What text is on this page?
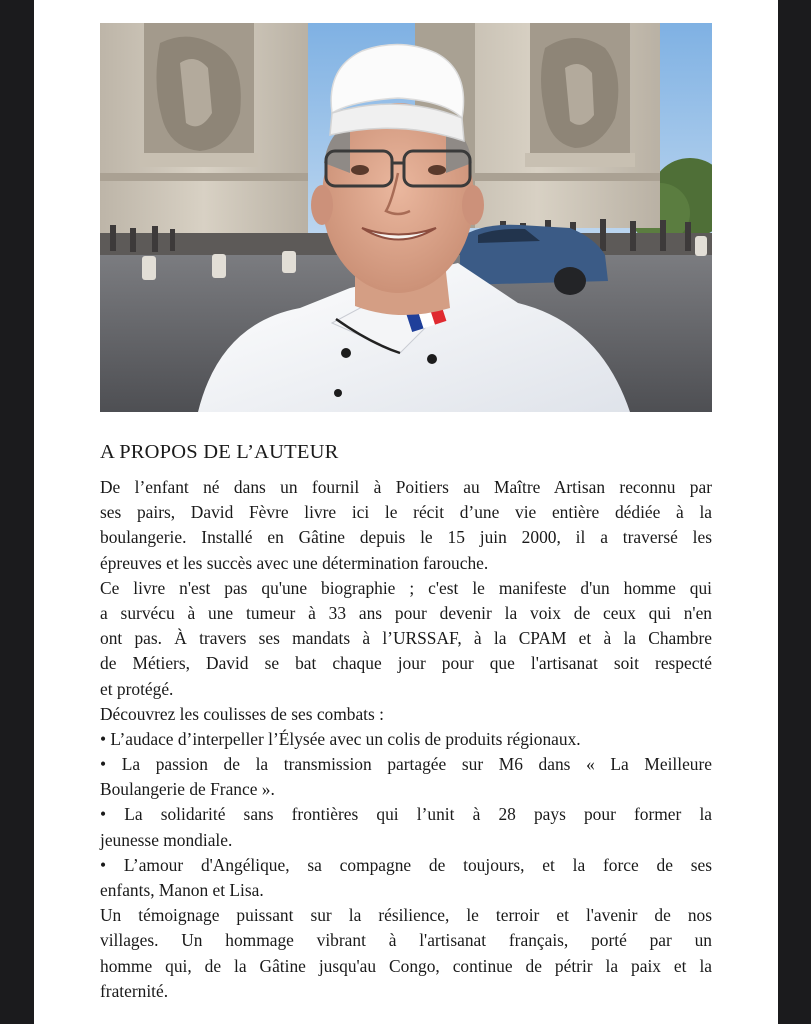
A PROPOS DE L’AUTEUR
De l’enfant né dans un fournil à Poitiers au Maître Artisan reconnu par
ses pairs, David Fèvre livre ici le récit d’une vie entière dédiée à la
boulangerie. Installé en Gâtine depuis le 15 juin 2000, il a traversé les
épreuves et les succès avec une détermination farouche.
Ce livre n'est pas qu'une biographie ; c'est le manifeste d'un homme qui
a survécu à une tumeur à 33 ans pour devenir la voix de ceux qui n'en
ont pas. À travers ses mandats à l’URSSAF, à la CPAM et à la Chambre
de Métiers, David se bat chaque jour pour que l'artisanat soit respecté
et protégé.
Découvrez les coulisses de ses combats :
• L’audace d’interpeller l’Élysée avec un colis de produits régionaux.
• La passion de la transmission partagée sur M6 dans « La Meilleure
Boulangerie de France ».
• La solidarité sans frontières qui l’unit à 28 pays pour former la
jeunesse mondiale.
• L’amour d'Angélique, sa compagne de toujours, et la force de ses
enfants, Manon et Lisa.
Un témoignage puissant sur la résilience, le terroir et l'avenir de nos
villages. Un hommage vibrant à l'artisanat français, porté par un
homme qui, de la Gâtine jusqu'au Congo, continue de pétrir la paix et la
fraternité.
